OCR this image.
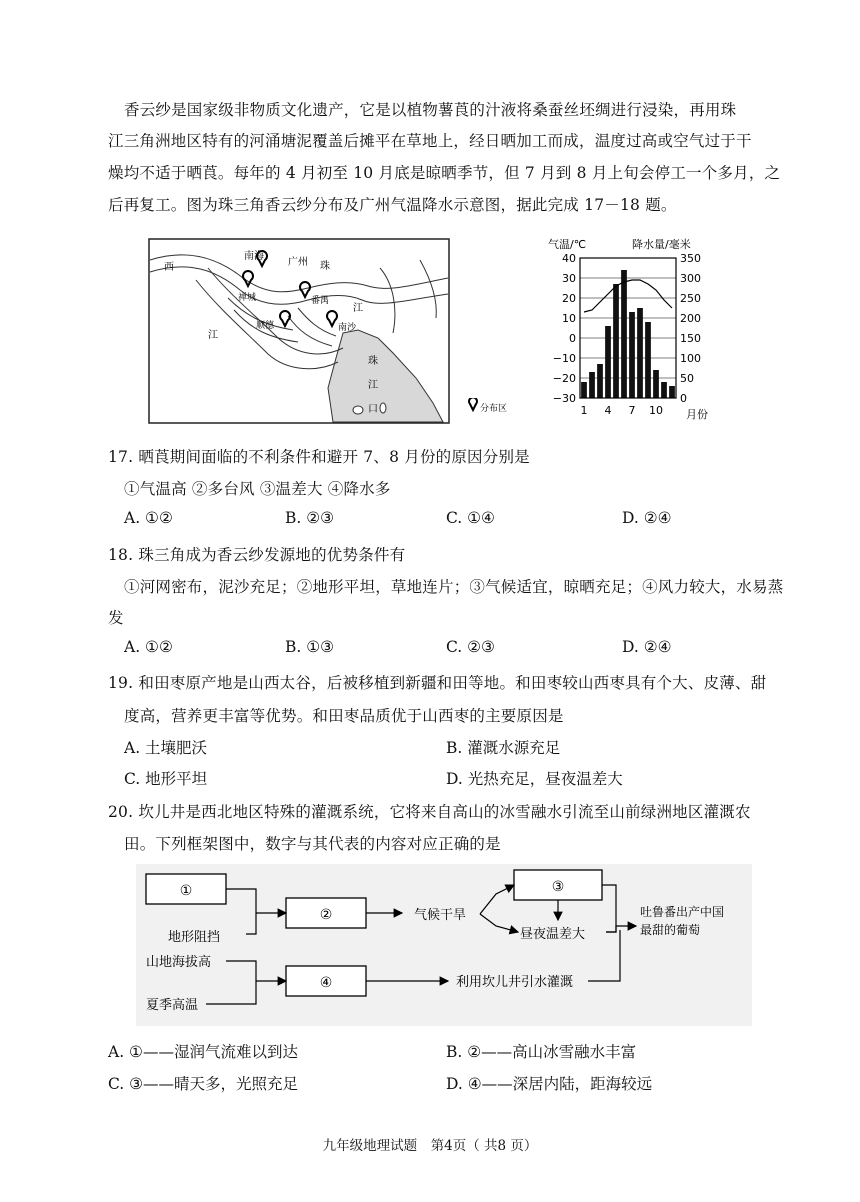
香云纱是国家级非物质文化遗产，它是以植物薯莨的汁液将桑蚕丝坯绸进行浸染，再用珠
江三角洲地区特有的河涌塘泥覆盖后摊平在草地上，经日晒加工而成，温度过高或空气过于干
燥均不适于晒莨。每年的 4 月初至 10 月底是晾晒季节，但 7 月到 8 月上旬会停工一个多月，之
后再复工。图为珠三角香云纱分布及广州气温降水示意图，据此完成 17－18 题。
南海
广州 珠
西
禅城	番禺
江
江
顺德	南沙
珠
江
口	分布区
气温/℃	降水量/毫米
40
30
20
10
0
−10
−20
−30
350
300
250
200
150
100
50
0
1 4 7 10 月份
17. 晒莨期间面临的不利条件和避开 7、8 月份的原因分别是
①气温高 ②多台风 ③温差大 ④降水多
A. ①②	B. ②③	C. ①④	D. ②④
18. 珠三角成为香云纱发源地的优势条件有
①河网密布，泥沙充足；②地形平坦，草地连片；③气候适宜，晾晒充足；④风力较大，水易蒸
发
A. ①②	B. ①③	C. ②③	D. ②④
19. 和田枣原产地是山西太谷，后被移植到新疆和田等地。和田枣较山西枣具有个大、皮薄、甜
度高，营养更丰富等优势。和田枣品质优于山西枣的主要原因是
A. 土壤肥沃	B. 灌溉水源充足
C. 地形平坦	D. 光热充足，昼夜温差大
20. 坎儿井是西北地区特殊的灌溉系统，它将来自高山的冰雪融水引流至山前绿洲地区灌溉农
田。下列框架图中，数字与其代表的内容对应正确的是
①
②
③
④
地形阻挡
山地海拔高
夏季高温
气候干旱
昼夜温差大
吐鲁番出产中国
最甜的葡萄
利用坎儿井引水灌溉
A. ①——湿润气流难以到达	B. ②——高山冰雪融水丰富
C. ③——晴天多，光照充足	D. ④——深居内陆，距海较远
九年级地理试题　第4页（ 共8 页）
